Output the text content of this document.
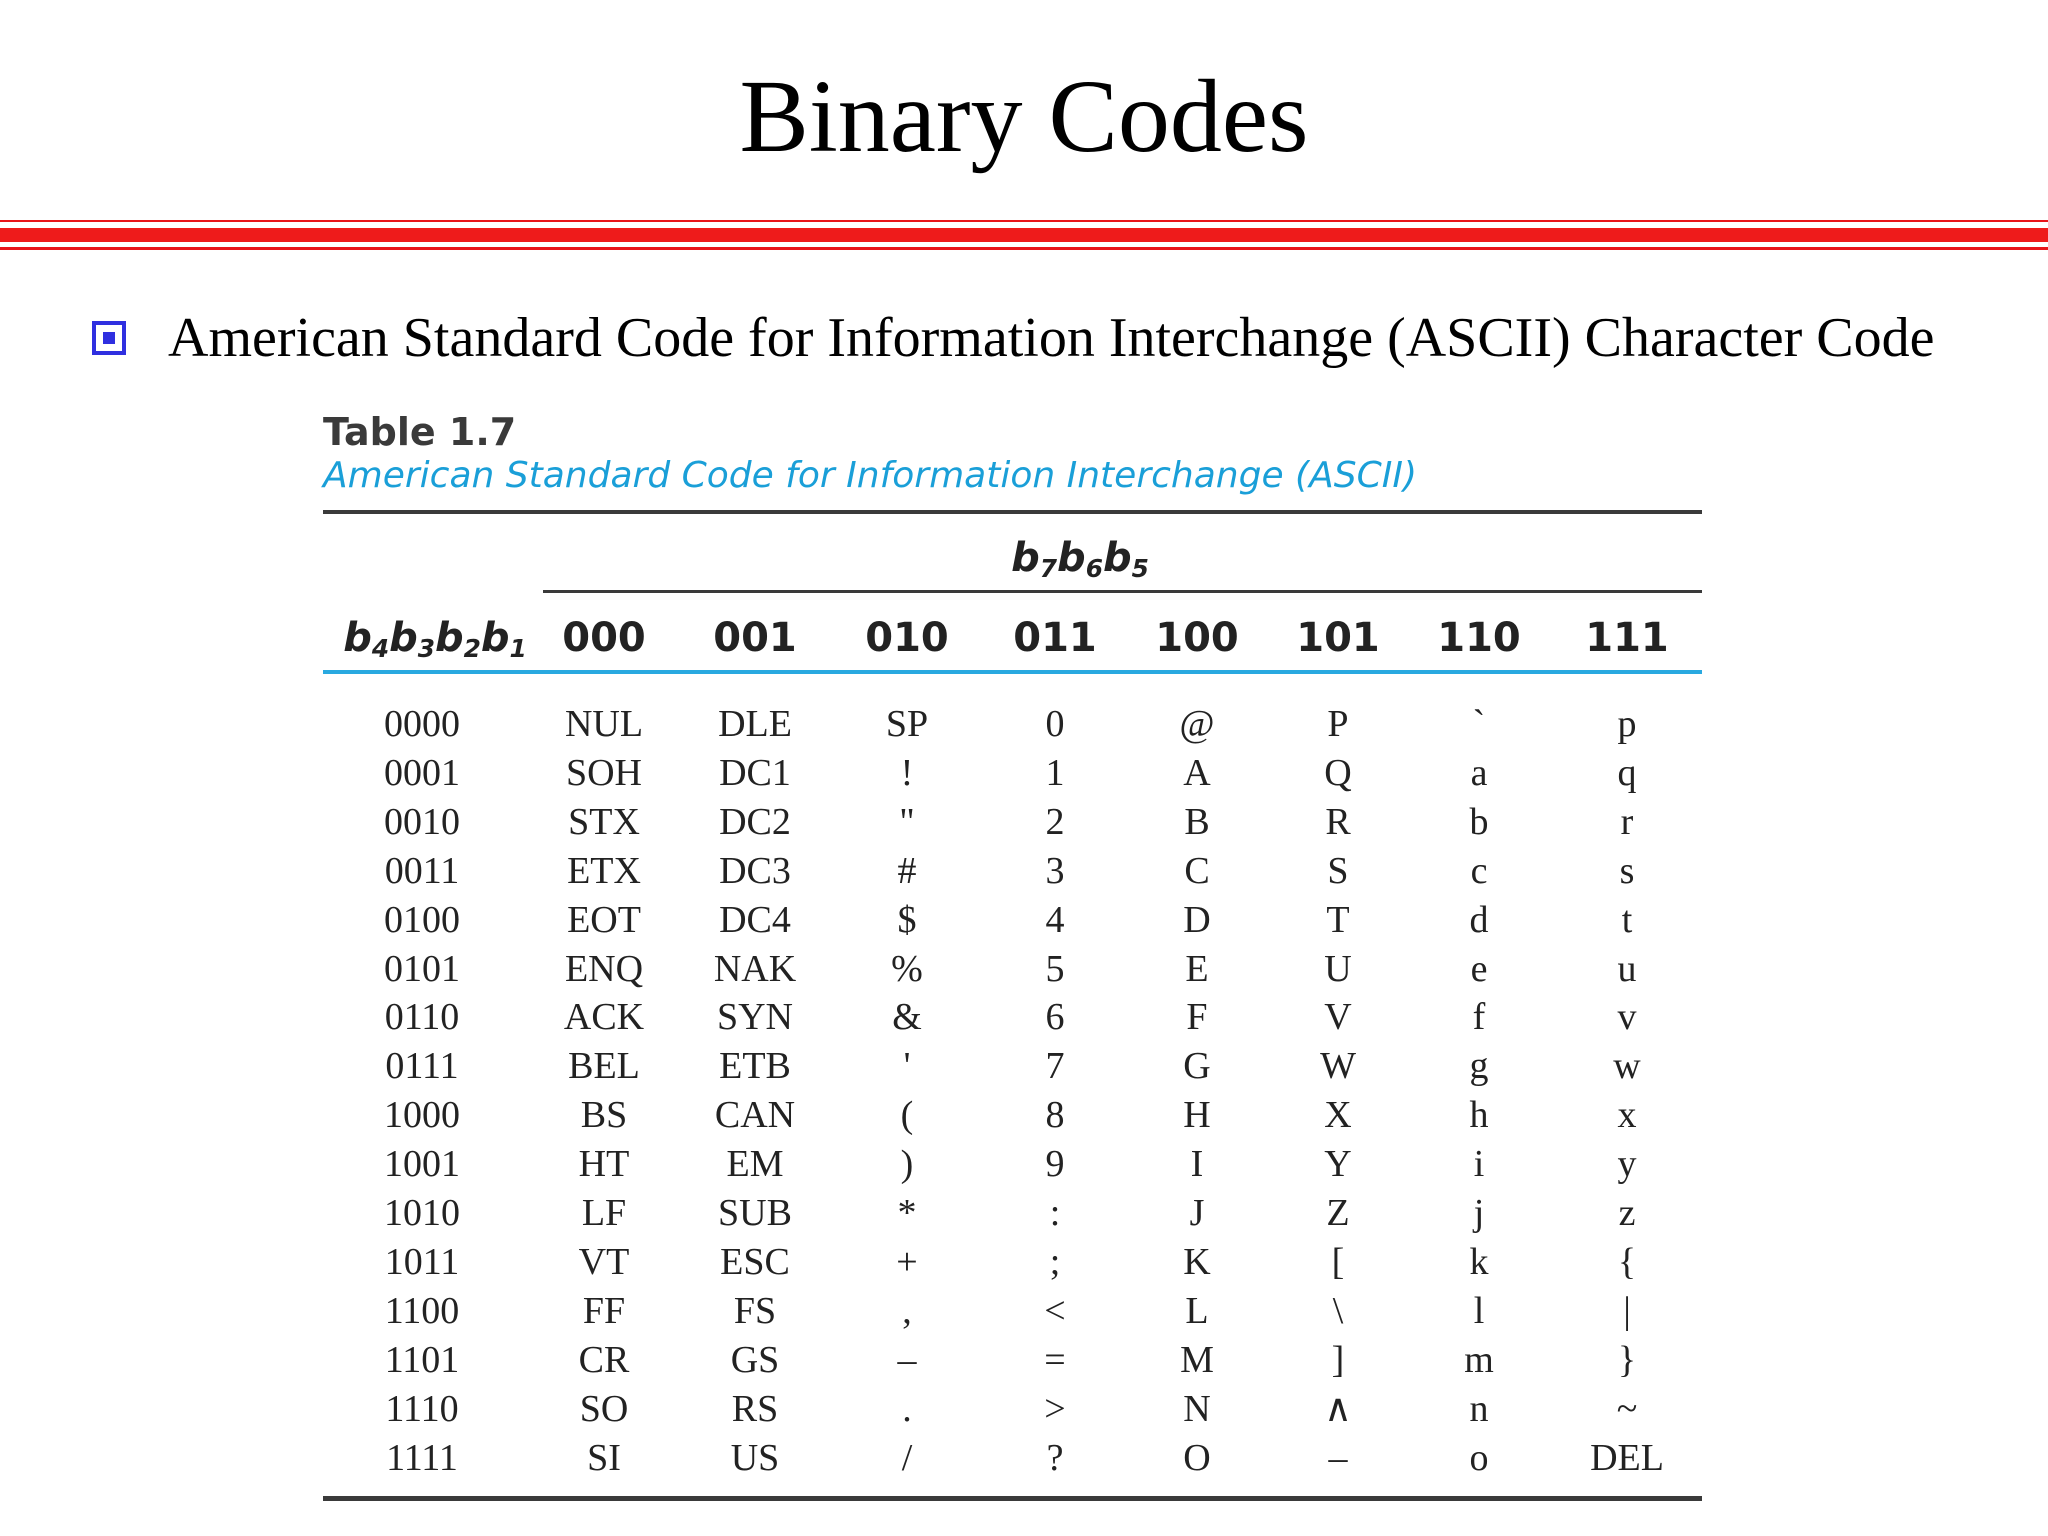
Binary Codes
American Standard Code for Information Interchange (ASCII) Character Code
Table 1.7
American Standard Code for Information Interchange (ASCII)
$b_7b_6b_5$
$b_4b_3b_2b_1$ 000	001	010	011	100	101	110	111
0000	NUL	DLE	SP	0	@	P	`	p
0001	SOH	DC1	!	1	A	Q	a	q
0010	STX	DC2	"	2	B	R	b	r
0011	ETX	DC3	#	3	C	S	c	s
0100	EOT	DC4	$	4	D	T	d	t
0101	ENQ	NAK	%	5	E	U	e	u
0110	ACK	SYN	&	6	F	V	f	v
0111	BEL	ETB	'	7	G	W	g	w
1000	BS	CAN	(	8	H	X	h	x
1001	HT	EM	)	9	I	Y	i	y
1010	LF	SUB	*	:	J	Z	j	z
1011	VT	ESC	+	;	K	[	k	{
1100	FF	FS	,	<	L	\	l	|
1101	CR	GS	–	=	M	]	m	}
1110	SO	RS	.	>	N	∧	n	~
1111	SI	US	/	?	O	–	o	DEL
